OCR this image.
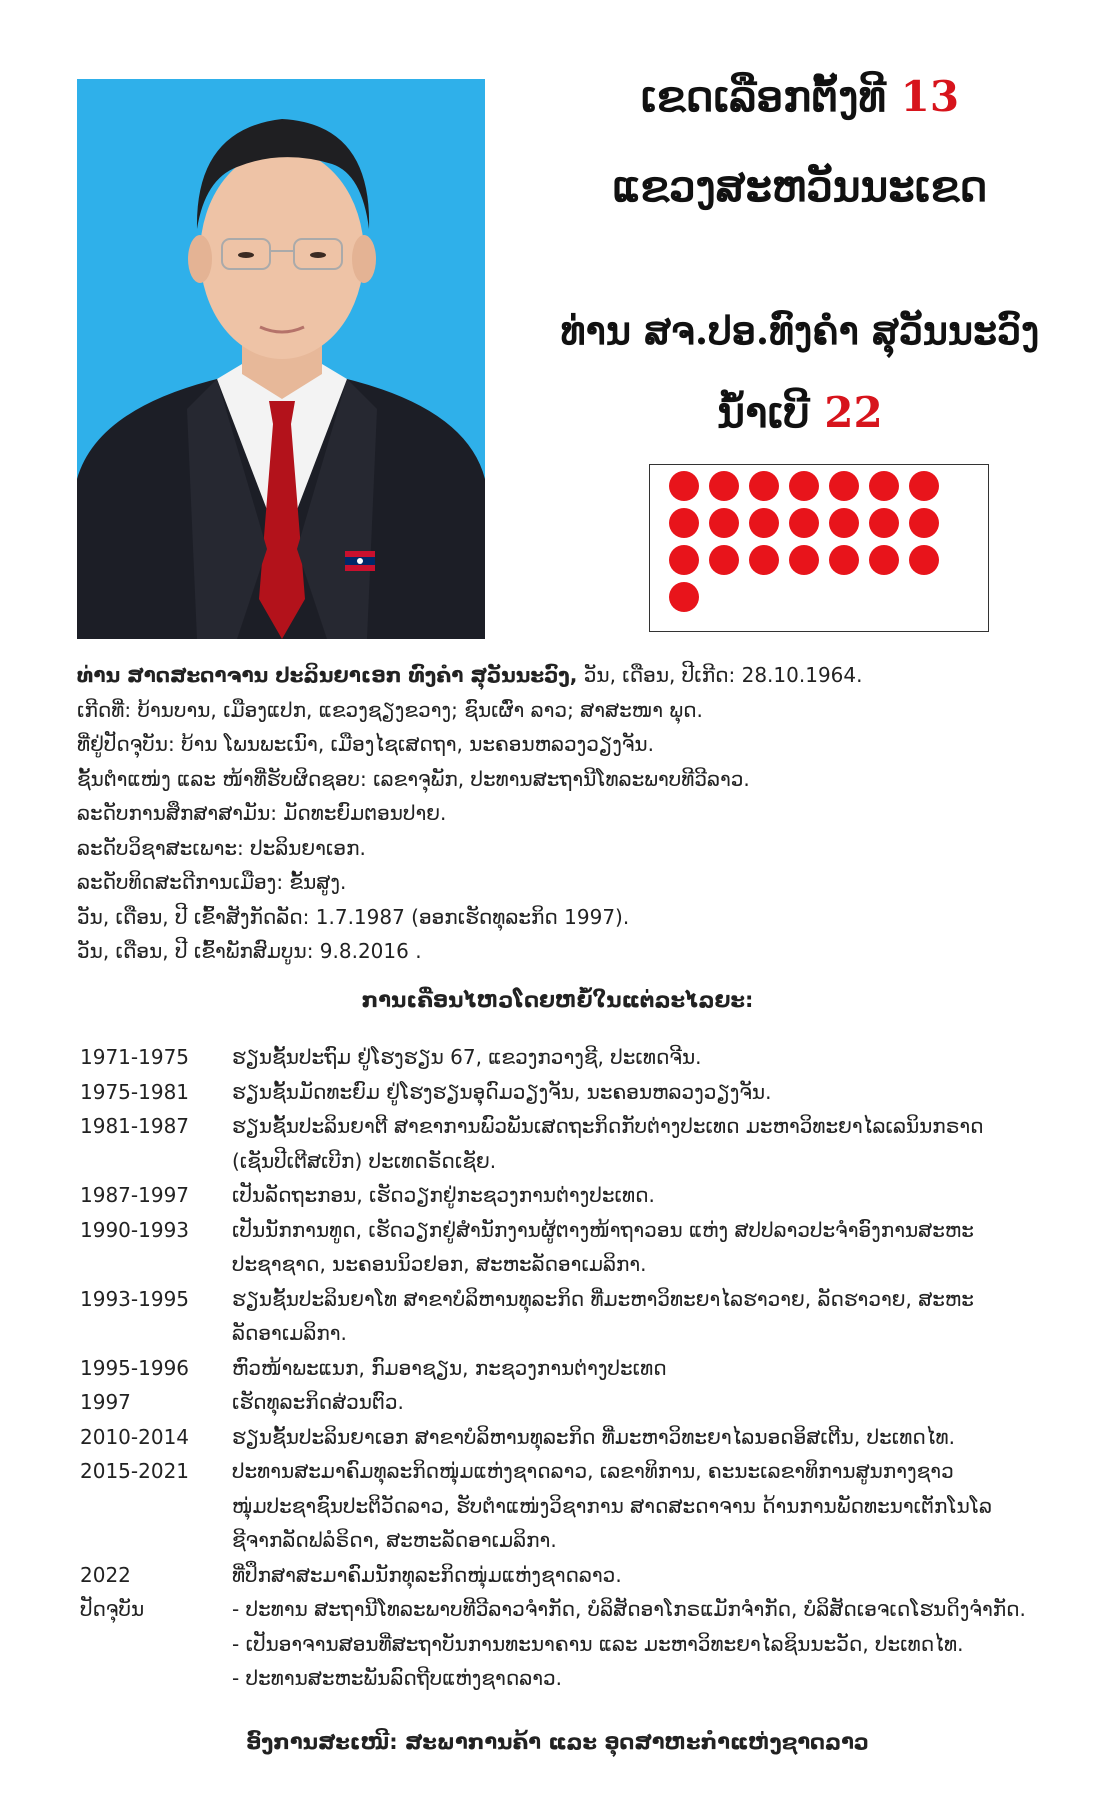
ເຂດເລືອກຕັ້ງທີ 13
ແຂວງສະຫວັນນະເຂດ
ທ່ານ ສຈ.ປອ.ທົງຄຳ ສຸວັນນະວົງ
ນ້ຳເບີ 22
ທ່ານ ສາດສະດາຈານ ປະລິນຍາເອກ ທົງຄຳ ສຸວັນນະວົງ, ວັນ, ເດືອນ, ປີເກີດ: 28.10.1964.
ເກີດທີ່: ບ້ານບານ, ເມືອງແປກ, ແຂວງຊຽງຂວາງ; ຊົນເຜົ່າ ລາວ; ສາສະໜາ ພຸດ.
ທີ່ຢູ່ປັດຈຸບັນ: ບ້ານ ໂພນພະເນົາ, ເມືອງໄຊເສດຖາ, ນະຄອນຫລວງວຽງຈັນ.
ຊັ້ນຕຳແໜ່ງ ແລະ ໜ້າທີ່ຮັບຜິດຊອບ: ເລຂາຈຸພັກ, ປະທານສະຖານີໂທລະພາບທີວີລາວ.
ລະດັບການສຶກສາສາມັນ: ມັດທະຍົມຕອນປາຍ.
ລະດັບວິຊາສະເພາະ: ປະລິນຍາເອກ.
ລະດັບທິດສະດີການເມືອງ: ຂັ້ນສູງ.
ວັນ, ເດືອນ, ປີ ເຂົ້າສັງກັດລັດ: 1.7.1987 (ອອກເຮັດທຸລະກິດ 1997).
ວັນ, ເດືອນ, ປີ ເຂົ້າພັກສົມບູນ: 9.8.2016 .
ການເຄື່ອນໄຫວໂດຍຫຍໍ້ໃນແຕ່ລະໄລຍະ:
1971-1975	ຮຽນຊັ້ນປະຖົມ ຢູ່ໂຮງຮຽນ 67, ແຂວງກວາງຊີ, ປະເທດຈີນ.
1975-1981	ຮຽນຊັ້ນມັດທະຍົມ ຢູ່ໂຮງຮຽນອຸດົມວຽງຈັນ, ນະຄອນຫລວງວຽງຈັນ.
1981-1987	ຮຽນຊັ້ນປະລິນຍາຕີ ສາຂາການພົວພັນເສດຖະກິດກັບຕ່າງປະເທດ ມະຫາວິທະຍາໄລເລນິນກຣາດ
(ເຊັນປີເຕີສເບີກ) ປະເທດຣັດເຊັຍ.
1987-1997	ເປັນລັດຖະກອນ, ເຮັດວຽກຢູ່ກະຊວງການຕ່າງປະເທດ.
1990-1993	ເປັນນັກການທູດ, ເຮັດວຽກຢູ່ສຳນັກງານຜູ້ຕາງໜ້າຖາວອນ ແຫ່ງ ສປປລາວປະຈຳອົງການສະຫະ
ປະຊາຊາດ, ນະຄອນນິວຢອກ, ສະຫະລັດອາເມລິກາ.
1993-1995	ຮຽນຊັ້ນປະລິນຍາໂທ ສາຂາບໍລິຫານທຸລະກິດ ທີ່ມະຫາວິທະຍາໄລຮາວາຍ, ລັດຮາວາຍ, ສະຫະ
ລັດອາເມລິກາ.
1995-1996	ຫົວໜ້າພະແນກ, ກົມອາຊຽນ, ກະຊວງການຕ່າງປະເທດ
1997	ເຮັດທຸລະກິດສ່ວນຕົວ.
2010-2014	ຮຽນຊັ້ນປະລິນຍາເອກ ສາຂາບໍລິຫານທຸລະກິດ ທີ່ມະຫາວິທະຍາໄລນອດອິສເຕີນ, ປະເທດໄທ.
2015-2021	ປະທານສະມາຄົມທຸລະກິດໜຸ່ມແຫ່ງຊາດລາວ, ເລຂາທິການ, ຄະນະເລຂາທິການສູນກາງຊາວ
ໜຸ່ມປະຊາຊົນປະຕິວັດລາວ, ຮັບຕຳແໜ່ງວິຊາການ ສາດສະດາຈານ ດ້ານການພັດທະນາເຕັກໂນໂລ
ຊີຈາກລັດຟລໍຣິດາ, ສະຫະລັດອາເມລິກາ.
2022	ທີ່ປຶກສາສະມາຄົມນັກທຸລະກິດໜຸ່ມແຫ່ງຊາດລາວ.
ປັດຈຸບັນ	- ປະທານ ສະຖານີໂທລະພາບທີວີລາວຈຳກັດ, ບໍລິສັດອາໂກຣແມັກຈຳກັດ, ບໍລິສັດເອຈເດໂຮນດິງຈຳກັດ.
- ເປັນອາຈານສອນທີ່ສະຖາບັນການທະນາຄານ ແລະ ມະຫາວິທະຍາໄລຊິນນະວັດ, ປະເທດໄທ.
- ປະທານສະຫະພັນລົດຖີບແຫ່ງຊາດລາວ.
ອົງການສະເໜີ: ສະພາການຄ້າ ແລະ ອຸດສາຫະກຳແຫ່ງຊາດລາວ
